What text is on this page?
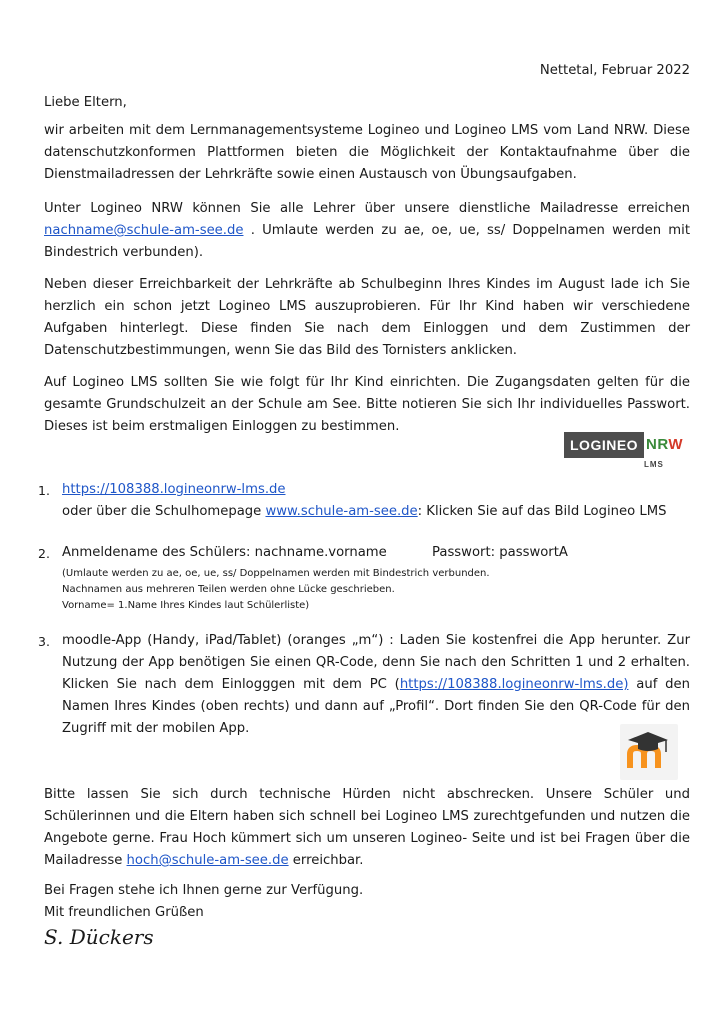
Nettetal, Februar 2022

Liebe Eltern,

wir arbeiten mit dem Lernmanagementsysteme Logineo und Logineo LMS vom Land NRW. Diese datenschutzkonformen Plattformen bieten die Möglichkeit der Kontaktaufnahme über die Dienstmailadressen der Lehrkräfte sowie einen Austausch von Übungsaufgaben.

Unter Logineo NRW können Sie alle Lehrer über unsere dienstliche Mailadresse erreichen nachname@schule-am-see.de . Umlaute werden zu ae, oe, ue, ss/ Doppelnamen werden mit Bindestrich verbunden).

Neben dieser Erreichbarkeit der Lehrkräfte ab Schulbeginn Ihres Kindes im August lade ich Sie herzlich ein schon jetzt Logineo LMS auszuprobieren. Für Ihr Kind haben wir verschiedene Aufgaben hinterlegt. Diese finden Sie nach dem Einloggen und dem Zustimmen der Datenschutzbestimmungen, wenn Sie das Bild des Tornisters anklicken.

Auf Logineo LMS sollten Sie wie folgt für Ihr Kind einrichten. Die Zugangsdaten gelten für die gesamte Grundschulzeit an der Schule am See. Bitte notieren Sie sich Ihr individuelles Passwort. Dieses ist beim erstmaligen Einloggen zu bestimmen.

LOGINEO NRW
LMS
1. https://108388.logineonrw-lms.de

oder über die Schulhomepage www.schule-am-see.de: Klicken Sie auf das Bild Logineo LMS

2. Anmeldename des Schülers: nachname.vorname	Passwort: passwortA

(Umlaute werden zu ae, oe, ue, ss/ Doppelnamen werden mit Bindestrich verbunden.

Nachnamen aus mehreren Teilen werden ohne Lücke geschrieben.

Vorname= 1.Name Ihres Kindes laut Schülerliste)

3. moodle-App (Handy, iPad/Tablet) (oranges „m“) : Laden Sie kostenfrei die App herunter. Zur Nutzung der App benötigen Sie einen QR-Code, denn Sie nach den Schritten 1 und 2 erhalten. Klicken Sie nach dem Einlogggen mit dem PC (https://108388.logineonrw-lms.de) auf den Namen Ihres Kindes (oben rechts) und dann auf „Profil“. Dort finden Sie den QR-Code für den Zugriff mit der mobilen App.

Bitte lassen Sie sich durch technische Hürden nicht abschrecken. Unsere Schüler und Schülerinnen und die Eltern haben sich schnell bei Logineo LMS zurechtgefunden und nutzen die Angebote gerne. Frau Hoch kümmert sich um unseren Logineo- Seite und ist bei Fragen über die Mailadresse hoch@schule-am-see.de erreichbar.

Bei Fragen stehe ich Ihnen gerne zur Verfügung.

Mit freundlichen Grüßen

S. Dückers
